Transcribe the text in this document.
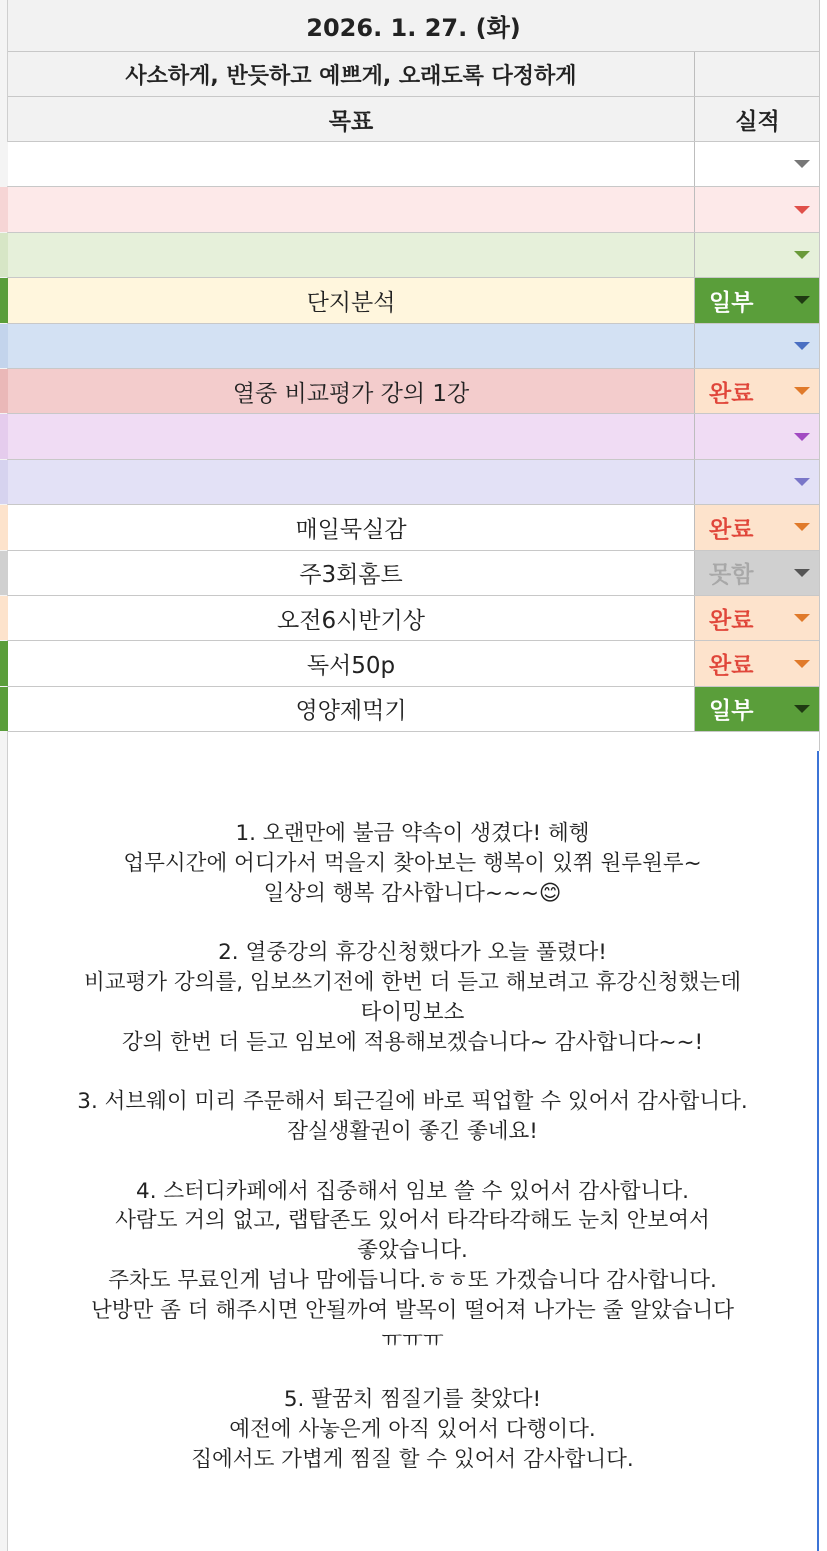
2026. 1. 27. (화)
사소하게, 반듯하고 예쁘게, 오래도록 다정하게
목표	실적
단지분석	일부
열중 비교평가 강의 1강	완료
매일묵실감	완료
주3회홈트	못함
오전6시반기상	완료
독서50p	완료
영양제먹기	일부
1. 오랜만에 불금 약속이 생겼다! 헤헹
업무시간에 어디가서 먹을지 찾아보는 행복이 있쮜 원루원루~
일상의 행복 감사합니다~~~😊

2. 열중강의 휴강신청했다가 오늘 풀렸다!
비교평가 강의를, 임보쓰기전에 한번 더 듣고 해보려고 휴강신청했는데
타이밍보소
강의 한번 더 듣고 임보에 적용해보겠습니다~ 감사합니다~~!

3. 서브웨이 미리 주문해서 퇴근길에 바로 픽업할 수 있어서 감사합니다.
잠실생활권이 좋긴 좋네요!

4. 스터디카페에서 집중해서 임보 쓸 수 있어서 감사합니다.
사람도 거의 없고, 랩탑존도 있어서 타각타각해도 눈치 안보여서
좋았습니다.
주차도 무료인게 넘나 맘에듭니다.ㅎㅎ또 가겠습니다 감사합니다.
난방만 좀 더 해주시면 안될까여 발목이 떨어져 나가는 줄 알았습니다
ㅠㅠㅠ

5. 팔꿈치 찜질기를 찾았다!
예전에 사놓은게 아직 있어서 다행이다.
집에서도 가볍게 찜질 할 수 있어서 감사합니다.
